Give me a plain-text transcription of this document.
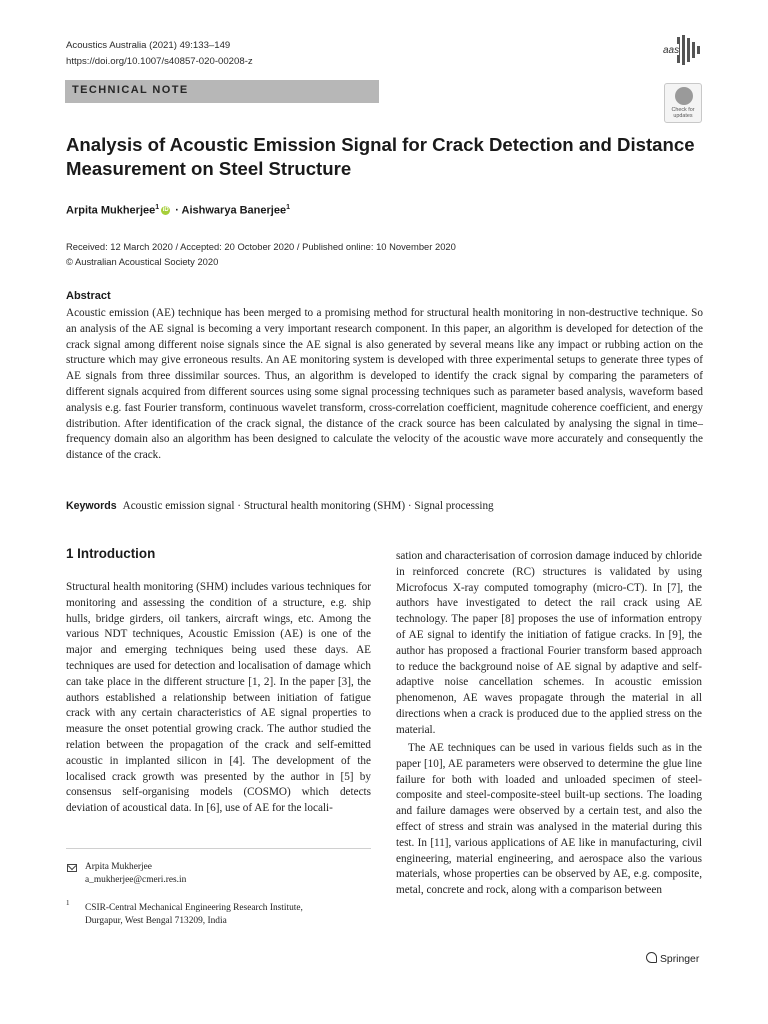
Acoustics Australia (2021) 49:133–149
https://doi.org/10.1007/s40857-020-00208-z
aas
TECHNICAL NOTE
Check for updates
Analysis of Acoustic Emission Signal for Crack Detection and Distance Measurement on Steel Structure
Arpita Mukherjee$^1$ iD · Aishwarya Banerjee$^1$
Received: 12 March 2020 / Accepted: 20 October 2020 / Published online: 10 November 2020
© Australian Acoustical Society 2020
Abstract
Acoustic emission (AE) technique has been merged to a promising method for structural health monitoring in non-destructive technique. So an analysis of the AE signal is becoming a very important research component. In this paper, an algorithm is developed for detection of the crack signal among different noise signals since the AE signal is also generated by several means like any impact or rubbing action on the structure which may give erroneous results. An AE monitoring system is developed with three experimental setups to generate three types of AE signals from three dissimilar sources. Thus, an algorithm is developed to identify the crack signal by comparing the parameters of different signals acquired from different sources using some signal processing techniques such as parameter based analysis, waveform based analysis e.g. fast Fourier transform, continuous wavelet transform, cross-correlation coefficient, magnitude coherence coefficient, and energy distribution. After identification of the crack signal, the distance of the crack source has been calculated by analysing the signal in time–frequency domain also an algorithm has been designed to calculate the velocity of the acoustic wave more accurately and consequently the distance of the crack.
Keywords Acoustic emission signal · Structural health monitoring (SHM) · Signal processing
1 Introduction
Structural health monitoring (SHM) includes various techniques for monitoring and assessing the condition of a structure, e.g. ship hulls, bridge girders, oil tankers, aircraft wings, etc. Among the various NDT techniques, Acoustic Emission (AE) is one of the major and emerging techniques being used these days. AE techniques are used for detection and localisation of damage which can take place in the different structure [1, 2]. In the paper [3], the authors established a relationship between initiation of fatigue crack with any certain characteristics of AE signal properties to measure the onset potential growing crack. The author studied the relation between the propagation of the crack and self-emitted acoustic in implanted silicon in [4]. The development of the localised crack growth was presented by the author in [5] by consensus self-organising models (COSMO) which detects deviation of acoustical data. In [6], use of AE for the locali-
sation and characterisation of corrosion damage induced by chloride in reinforced concrete (RC) structures is validated by using Microfocus X-ray computed tomography (micro-CT). In [7], the authors have investigated to detect the rail crack using AE technology. The paper [8] proposes the use of information entropy of AE signal to identify the initiation of fatigue cracks. In [9], the author has proposed a fractional Fourier transform based approach to reduce the background noise of AE signal by adaptive and self-adaptive noise cancellation schemes. In acoustic emission phenomenon, AE waves propagate through the material in all directions when a crack is produced due to the applied stress on the material.
The AE techniques can be used in various fields such as in the paper [10], AE parameters were observed to determine the glue line failure for both with loaded and unloaded specimen of steel-composite and steel-composite-steel built-up sections. The loading and failure damages were observed by a certain test, and also the effect of stress and strain was analysed in the material during this test. In [11], various applications of AE like in manufacturing, civil engineering, material engineering, and aerospace also the various materials, whose properties can be observed by AE, e.g. composite, metal, concrete and rock, along with a comparison between
Arpita Mukherjee
a_mukherjee@cmeri.res.in
1 CSIR-Central Mechanical Engineering Research Institute,
Durgapur, West Bengal 713209, India
Springer
